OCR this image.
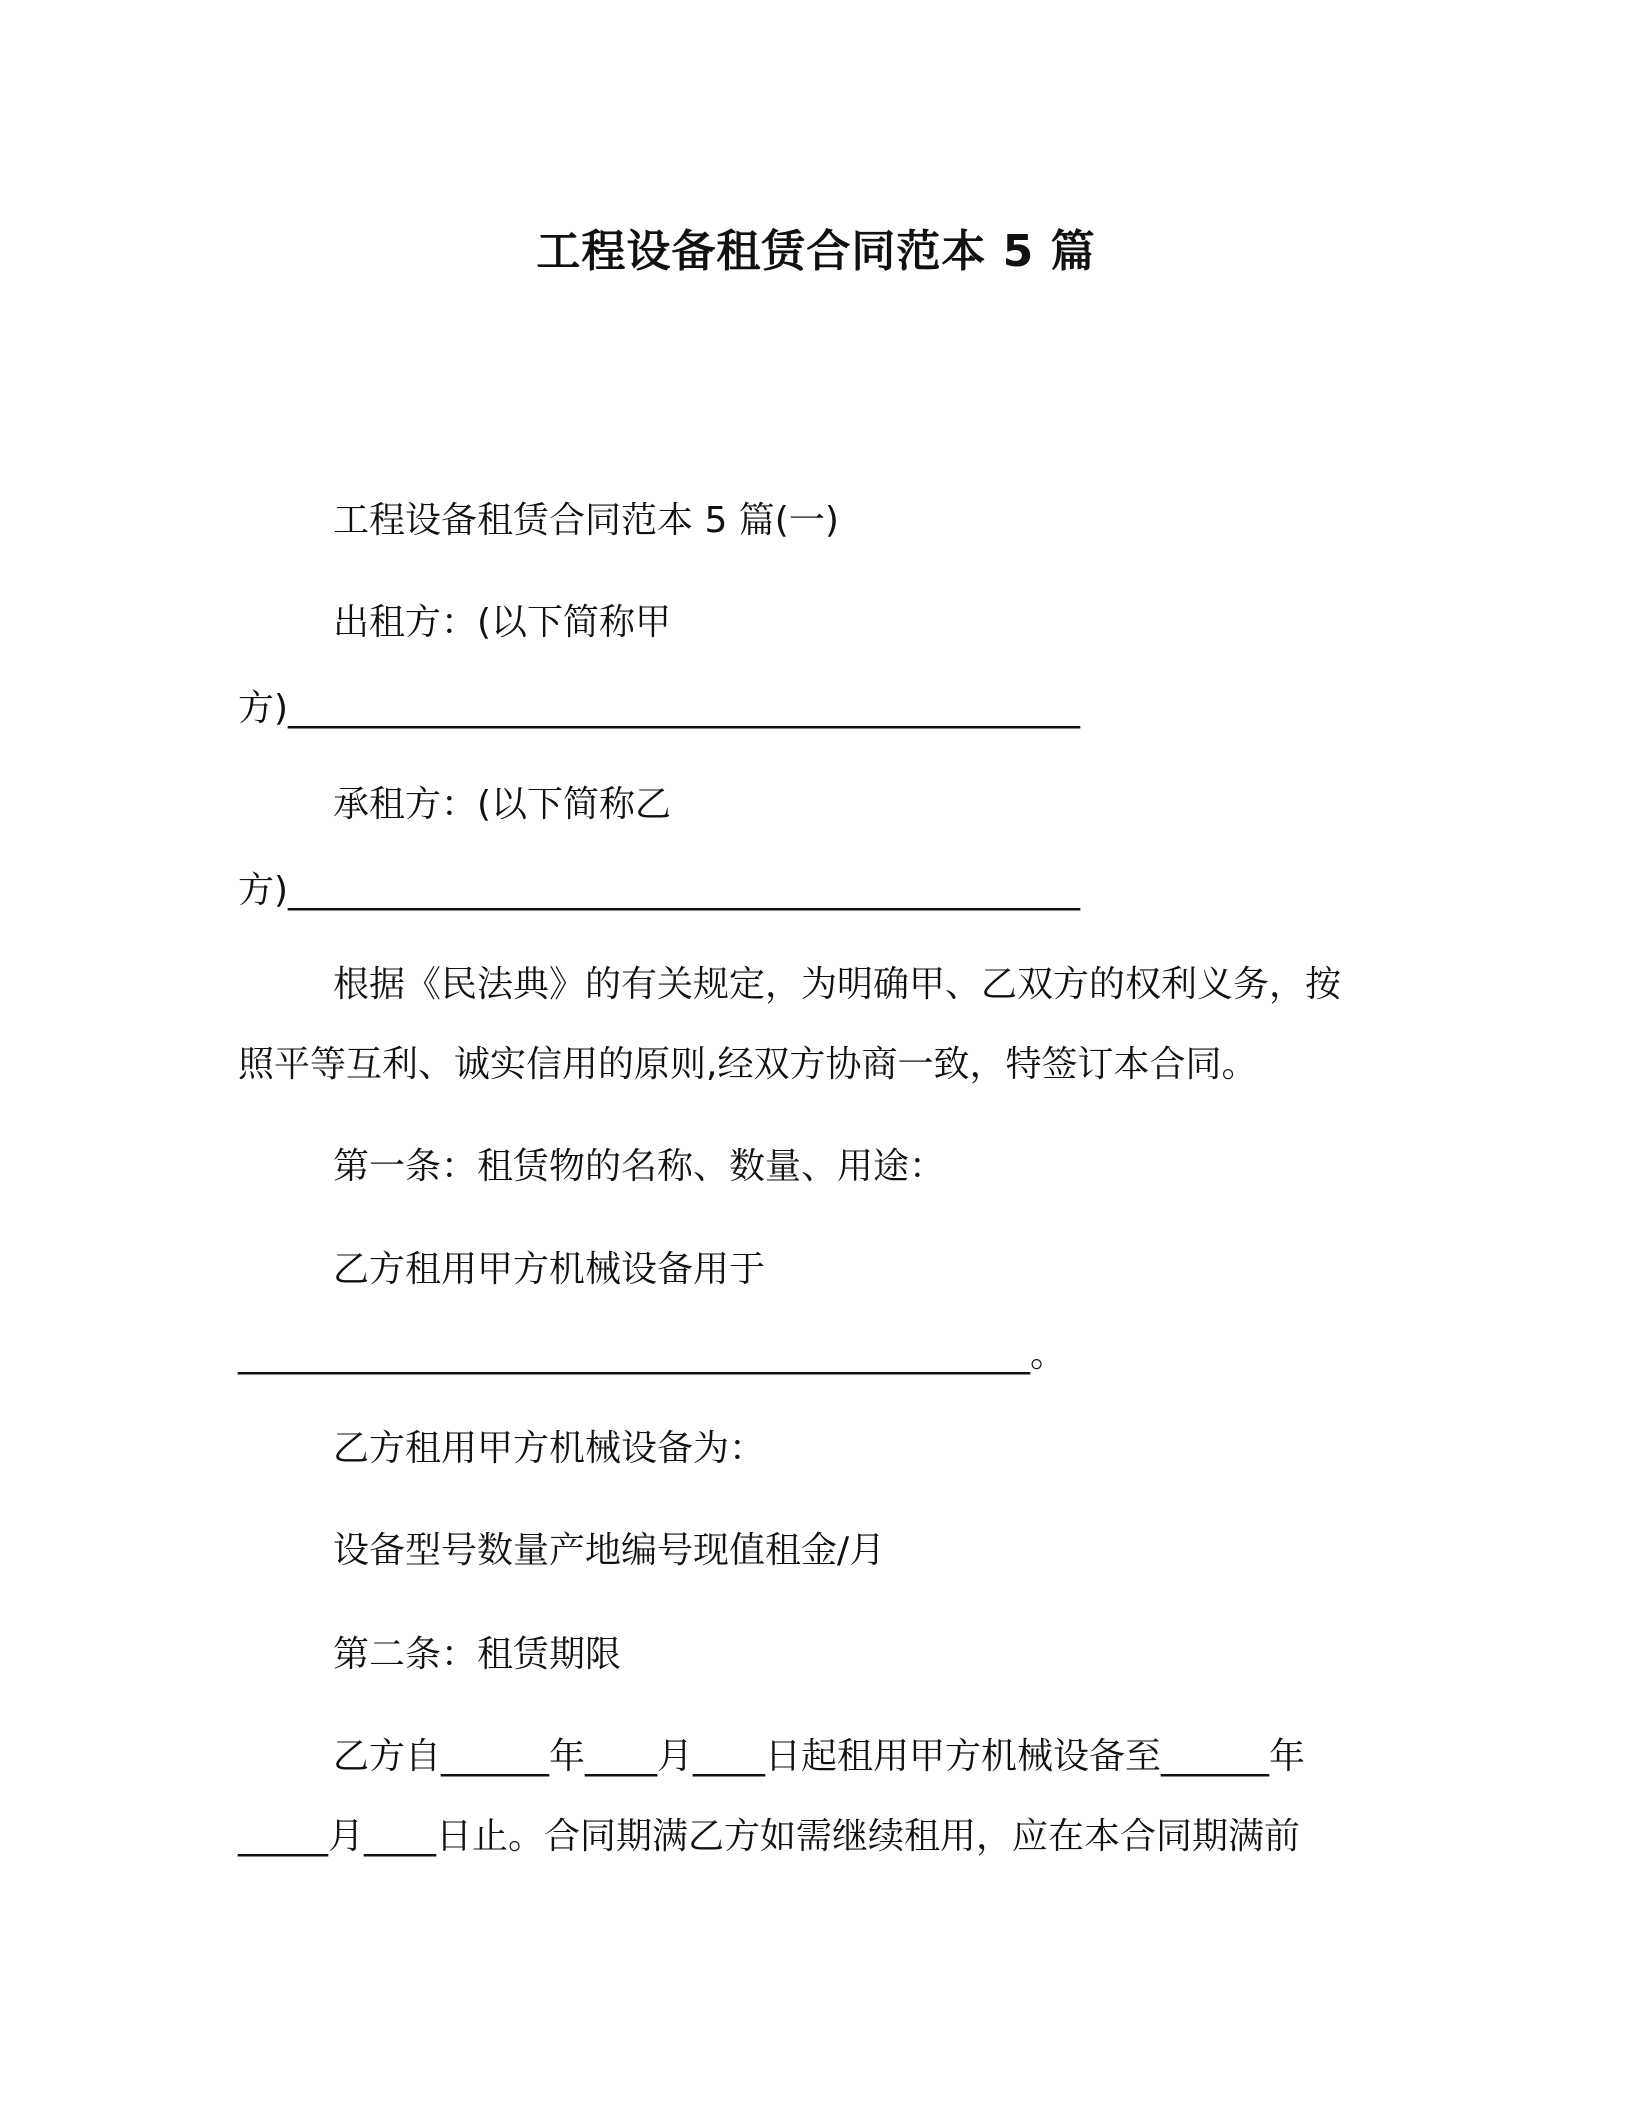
工程设备租赁合同范本 5 篇
工程设备租赁合同范本 5 篇(一)
出租方：(以下简称甲
方)____________________________________________
承租方：(以下简称乙
方)____________________________________________
根据《民法典》的有关规定，为明确甲、乙双方的权利义务，按
照平等互利、诚实信用的原则,经双方协商一致，特签订本合同。
第一条：租赁物的名称、数量、用途：
乙方租用甲方机械设备用于
____________________________________________。
乙方租用甲方机械设备为：
设备型号数量产地编号现值租金/月
第二条：租赁期限
乙方自______年____月____日起租用甲方机械设备至______年
_____月____日止。合同期满乙方如需继续租用，应在本合同期满前
